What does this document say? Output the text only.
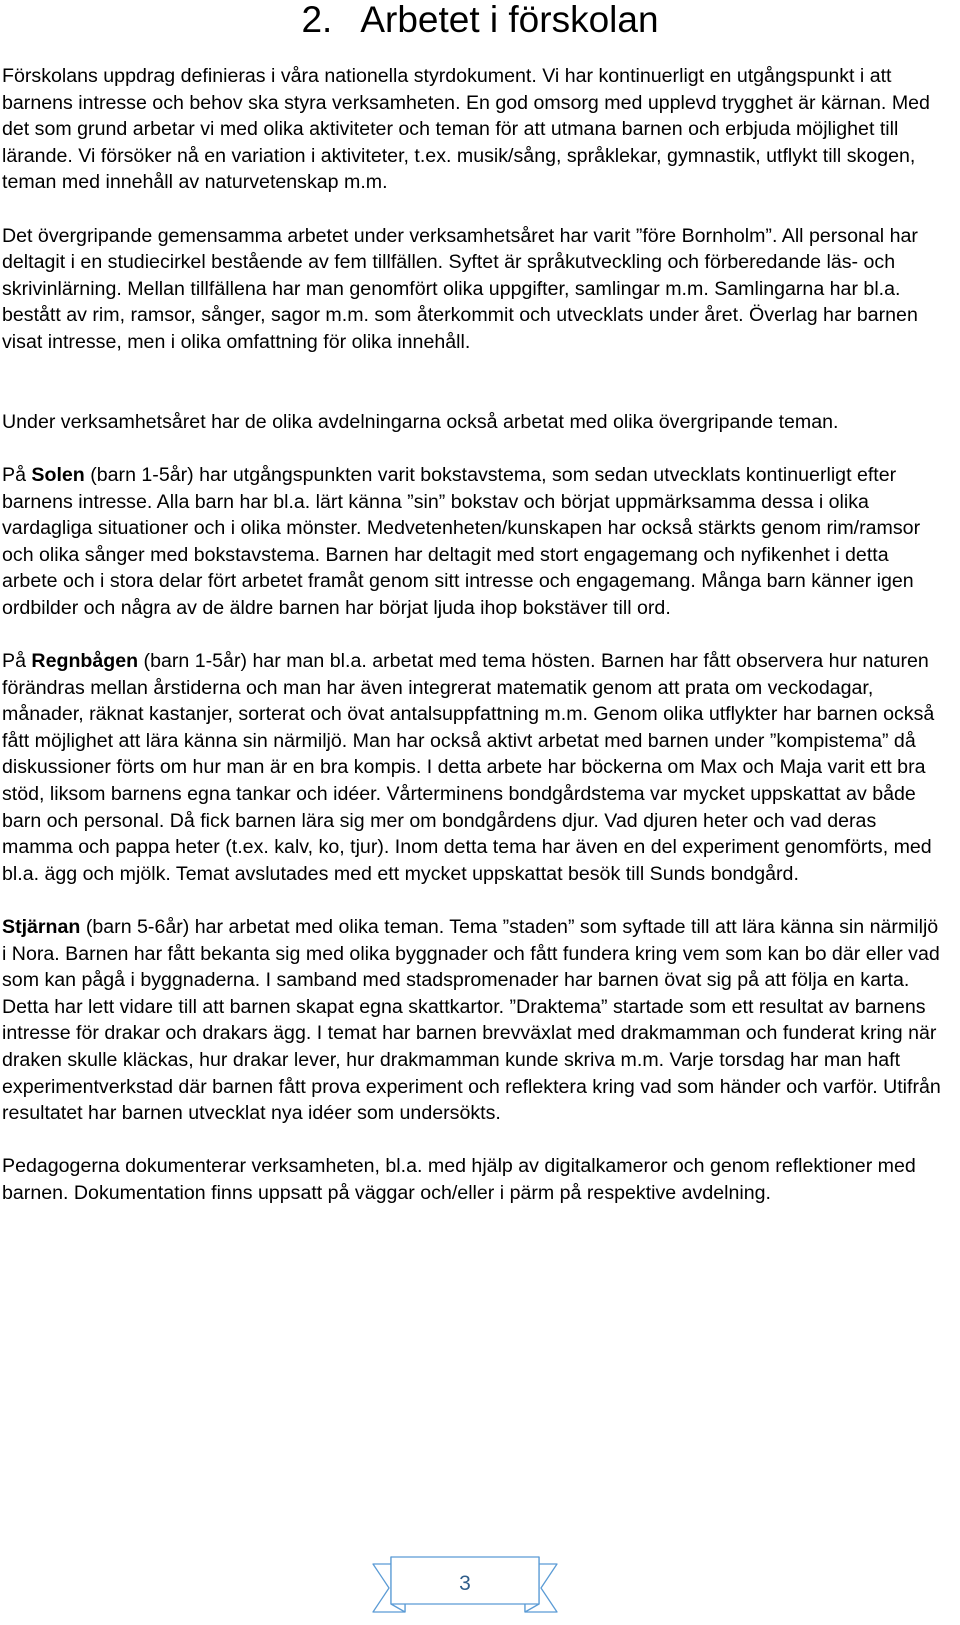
2. Arbetet i förskolan

Förskolans uppdrag definieras i våra nationella styrdokument. Vi har kontinuerligt en utgångspunkt i att barnens intresse och behov ska styra verksamheten. En god omsorg med upplevd trygghet är kärnan. Med det som grund arbetar vi med olika aktiviteter och teman för att utmana barnen och erbjuda möjlighet till lärande. Vi försöker nå en variation i aktiviteter, t.ex. musik/sång, språklekar, gymnastik, utflykt till skogen, teman med innehåll av naturvetenskap m.m.

Det övergripande gemensamma arbetet under verksamhetsåret har varit ”före Bornholm”. All personal har deltagit i en studiecirkel bestående av fem tillfällen. Syftet är språkutveckling och förberedande läs- och skrivinlärning. Mellan tillfällena har man genomfört olika uppgifter, samlingar m.m. Samlingarna har bl.a. bestått av rim, ramsor, sånger, sagor m.m. som återkommit och utvecklats under året. Överlag har barnen visat intresse, men i olika omfattning för olika innehåll.

Under verksamhetsåret har de olika avdelningarna också arbetat med olika övergripande teman.

På Solen (barn 1-5år) har utgångspunkten varit bokstavstema, som sedan utvecklats kontinuerligt efter barnens intresse. Alla barn har bl.a. lärt känna ”sin” bokstav och börjat uppmärksamma dessa i olika vardagliga situationer och i olika mönster. Medvetenheten/kunskapen har också stärkts genom rim/ramsor och olika sånger med bokstavstema. Barnen har deltagit med stort engagemang och nyfikenhet i detta arbete och i stora delar fört arbetet framåt genom sitt intresse och engagemang. Många barn känner igen ordbilder och några av de äldre barnen har börjat ljuda ihop bokstäver till ord.

På Regnbågen (barn 1-5år) har man bl.a. arbetat med tema hösten. Barnen har fått observera hur naturen förändras mellan årstiderna och man har även integrerat matematik genom att prata om veckodagar, månader, räknat kastanjer, sorterat och övat antalsuppfattning m.m. Genom olika utflykter har barnen också fått möjlighet att lära känna sin närmiljö. Man har också aktivt arbetat med barnen under ”kompistema” då diskussioner förts om hur man är en bra kompis. I detta arbete har böckerna om Max och Maja varit ett bra stöd, liksom barnens egna tankar och idéer. Vårterminens bondgårdstema var mycket uppskattat av både barn och personal. Då fick barnen lära sig mer om bondgårdens djur. Vad djuren heter och vad deras mamma och pappa heter (t.ex. kalv, ko, tjur). Inom detta tema har även en del experiment genomförts, med bl.a. ägg och mjölk. Temat avslutades med ett mycket uppskattat besök till Sunds bondgård.

Stjärnan (barn 5-6år) har arbetat med olika teman. Tema ”staden” som syftade till att lära känna sin närmiljö i Nora. Barnen har fått bekanta sig med olika byggnader och fått fundera kring vem som kan bo där eller vad som kan pågå i byggnaderna. I samband med stadspromenader har barnen övat sig på att följa en karta. Detta har lett vidare till att barnen skapat egna skattkartor. ”Draktema” startade som ett resultat av barnens intresse för drakar och drakars ägg. I temat har barnen brevväxlat med drakmamman och funderat kring när draken skulle kläckas, hur drakar lever, hur drakmamman kunde skriva m.m. Varje torsdag har man haft experimentverkstad där barnen fått prova experiment och reflektera kring vad som händer och varför. Utifrån resultatet har barnen utvecklat nya idéer som undersökts.

Pedagogerna dokumenterar verksamheten, bl.a. med hjälp av digitalkameror och genom reflektioner med barnen. Dokumentation finns uppsatt på väggar och/eller i pärm på respektive avdelning.

3
